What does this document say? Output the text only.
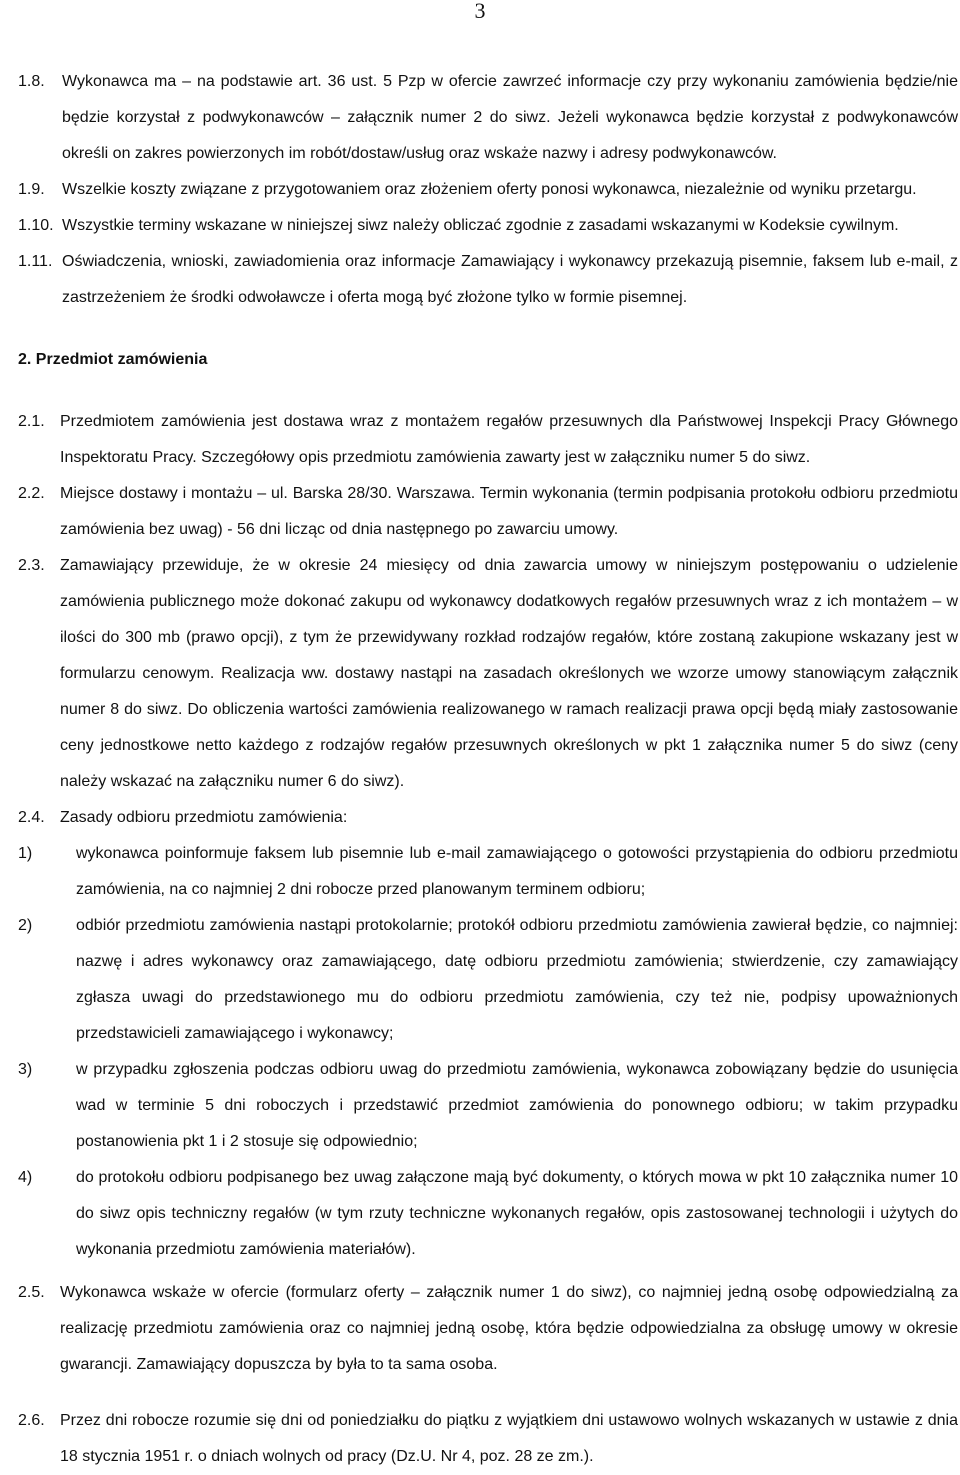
3
1.8.	Wykonawca ma – na podstawie art. 36 ust. 5 Pzp w ofercie zawrzeć informacje czy przy wykonaniu zamówienia będzie/nie będzie korzystał z podwykonawców – załącznik numer 2 do siwz. Jeżeli wykonawca będzie korzystał z podwykonawców określi on zakres powierzonych im robót/dostaw/usług oraz wskaże nazwy i adresy podwykonawców.
1.9.	Wszelkie koszty związane z przygotowaniem oraz złożeniem oferty ponosi wykonawca, niezależnie od wyniku przetargu.
1.10. Wszystkie terminy wskazane w niniejszej siwz należy obliczać zgodnie z zasadami wskazanymi w Kodeksie cywilnym.
1.11. Oświadczenia, wnioski, zawiadomienia oraz informacje Zamawiający i wykonawcy przekazują pisemnie, faksem lub e-mail, z zastrzeżeniem że środki odwoławcze i oferta mogą być złożone tylko w formie pisemnej.
2. Przedmiot zamówienia
2.1. Przedmiotem zamówienia jest dostawa wraz z montażem regałów przesuwnych dla Państwowej Inspekcji Pracy Głównego Inspektoratu Pracy. Szczegółowy opis przedmiotu zamówienia zawarty jest w załączniku numer 5 do siwz.
2.2. Miejsce dostawy i montażu – ul. Barska 28/30. Warszawa. Termin wykonania (termin podpisania protokołu odbioru przedmiotu zamówienia bez uwag) - 56 dni licząc od dnia następnego po zawarciu umowy.
2.3. Zamawiający przewiduje, że w okresie 24 miesięcy od dnia zawarcia umowy w niniejszym postępowaniu o udzielenie zamówienia publicznego może dokonać zakupu od wykonawcy dodatkowych regałów przesuwnych wraz z ich montażem – w ilości do 300 mb (prawo opcji), z tym że przewidywany rozkład rodzajów regałów, które zostaną zakupione wskazany jest w formularzu cenowym. Realizacja ww. dostawy nastąpi na zasadach określonych we wzorze umowy stanowiącym załącznik numer 8 do siwz. Do obliczenia wartości zamówienia realizowanego w ramach realizacji prawa opcji będą miały zastosowanie ceny jednostkowe netto każdego z rodzajów regałów przesuwnych określonych w pkt 1 załącznika numer 5 do siwz (ceny należy wskazać na załączniku numer 6 do siwz).
2.4. Zasady odbioru przedmiotu zamówienia:
1)	wykonawca poinformuje faksem lub pisemnie lub e-mail zamawiającego o gotowości przystąpienia do odbioru przedmiotu zamówienia, na co najmniej 2 dni robocze przed planowanym terminem odbioru;
2)	odbiór przedmiotu zamówienia nastąpi protokolarnie; protokół odbioru przedmiotu zamówienia zawierał będzie, co najmniej: nazwę i adres wykonawcy oraz zamawiającego, datę odbioru przedmiotu zamówienia; stwierdzenie, czy zamawiający zgłasza uwagi do przedstawionego mu do odbioru przedmiotu zamówienia, czy też nie, podpisy upoważnionych przedstawicieli zamawiającego i wykonawcy;
3)	w przypadku zgłoszenia podczas odbioru uwag do przedmiotu zamówienia, wykonawca zobowiązany będzie do usunięcia wad w terminie 5 dni roboczych i przedstawić przedmiot zamówienia do ponownego odbioru; w takim przypadku postanowienia pkt 1 i 2 stosuje się odpowiednio;
4)	do protokołu odbioru podpisanego bez uwag załączone mają być dokumenty, o których mowa w pkt 10 załącznika numer 10 do siwz opis techniczny regałów (w tym rzuty techniczne wykonanych regałów, opis zastosowanej technologii i użytych do wykonania przedmiotu zamówienia materiałów).
2.5. Wykonawca wskaże w ofercie (formularz oferty – załącznik numer 1 do siwz), co najmniej jedną osobę odpowiedzialną za realizację przedmiotu zamówienia oraz co najmniej jedną osobę, która będzie odpowiedzialna za obsługę umowy w okresie gwarancji. Zamawiający dopuszcza by była to ta sama osoba.
2.6. Przez dni robocze rozumie się dni od poniedziałku do piątku z wyjątkiem dni ustawowo wolnych wskazanych w ustawie z dnia 18 stycznia 1951 r. o dniach wolnych od pracy (Dz.U. Nr 4, poz. 28 ze zm.).
